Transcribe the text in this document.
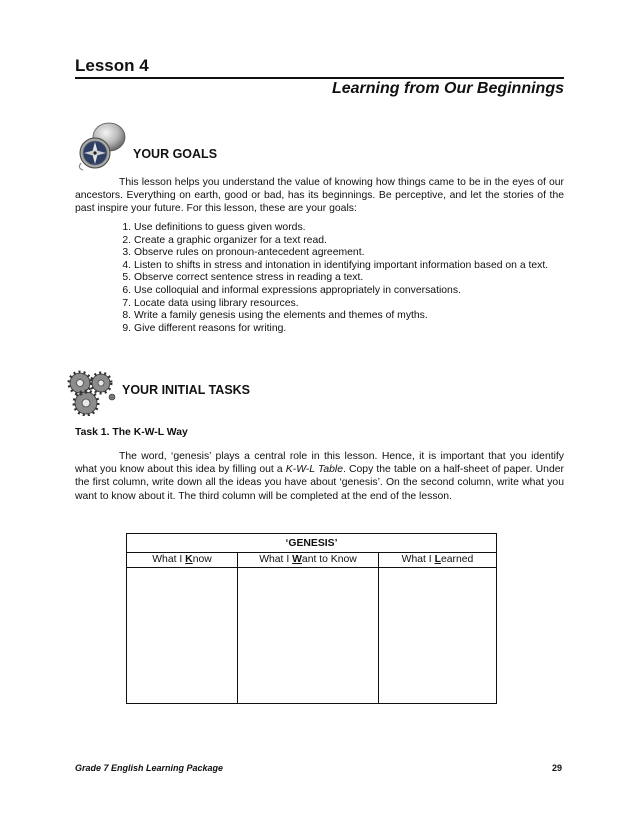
Lesson 4
Learning from Our Beginnings
YOUR GOALS
This lesson helps you understand the value of knowing how things came to be in the eyes of our ancestors. Everything on earth, good or bad, has its beginnings. Be perceptive, and let the stories of the past inspire your future. For this lesson, these are your goals:
1. Use definitions to guess given words.
2. Create a graphic organizer for a text read.
3. Observe rules on pronoun-antecedent agreement.
4. Listen to shifts in stress and intonation in identifying important information based on a text.
5. Observe correct sentence stress in reading a text.
6. Use colloquial and informal expressions appropriately in conversations.
7. Locate data using library resources.
8. Write a family genesis using the elements and themes of myths.
9. Give different reasons for writing.
YOUR INITIAL TASKS
Task 1. The K-W-L Way
The word, ‘genesis’ plays a central role in this lesson. Hence, it is important that you identify what you know about this idea by filling out a K-W-L Table. Copy the table on a half-sheet of paper. Under the first column, write down all the ideas you have about ‘genesis’. On the second column, write what you want to know about it. The third column will be completed at the end of the lesson.
‘GENESIS’
What I Know	What I Want to Know	What I Learned
Grade 7 English Learning Package	29
